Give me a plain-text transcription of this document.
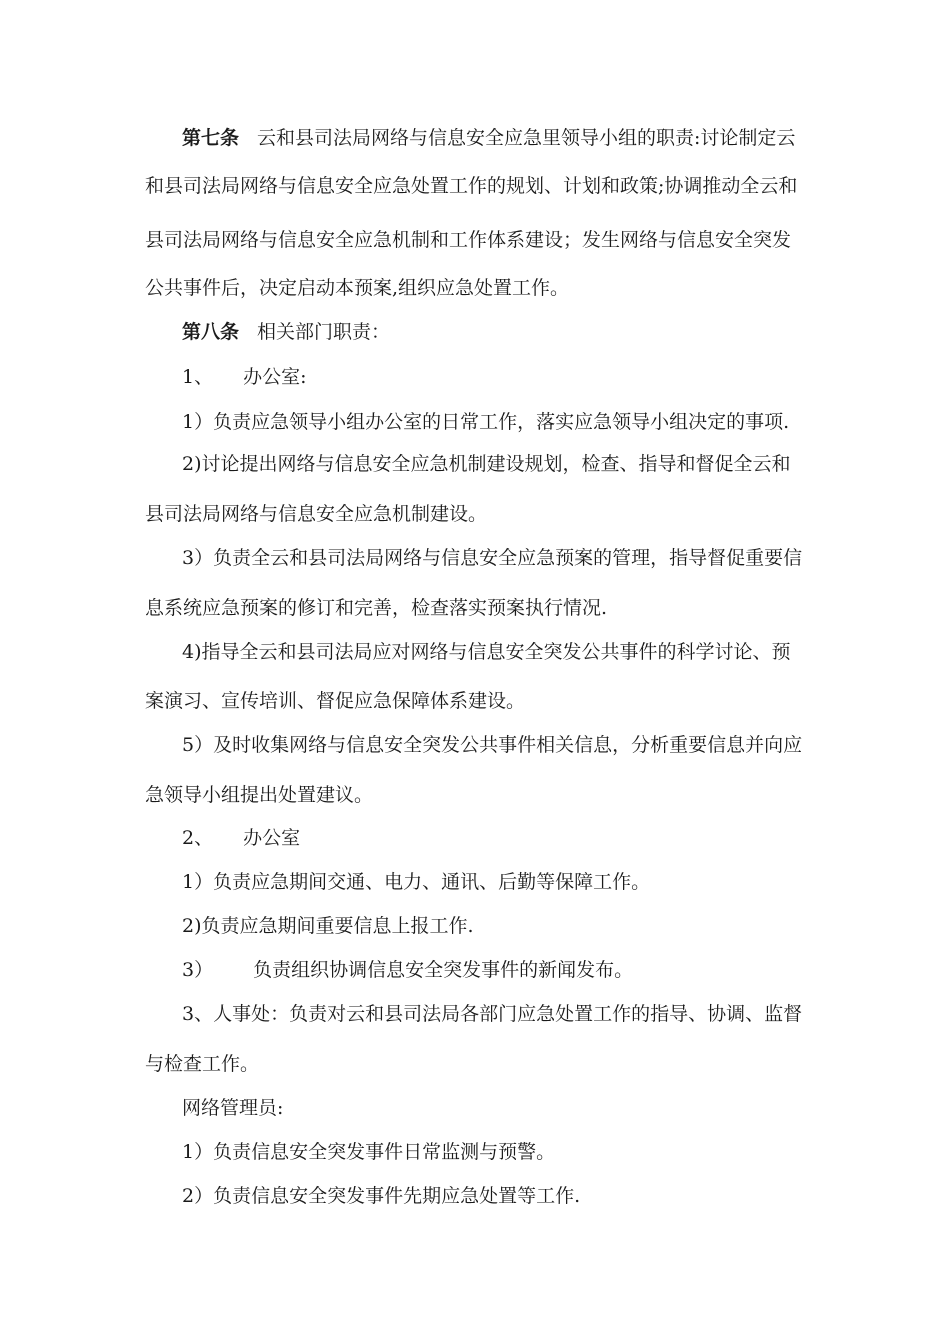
第七条 云和县司法局网络与信息安全应急里领导小组的职责:讨论制定云
和县司法局网络与信息安全应急处置工作的规划、计划和政策;协调推动全云和
县司法局网络与信息安全应急机制和工作体系建设；发生网络与信息安全突发
公共事件后，决定启动本预案,组织应急处置工作。
第八条 相关部门职责：
1、 办公室:
1）负责应急领导小组办公室的日常工作，落实应急领导小组决定的事项.
2)讨论提出网络与信息安全应急机制建设规划，检查、指导和督促全云和
县司法局网络与信息安全应急机制建设。
3）负责全云和县司法局网络与信息安全应急预案的管理，指导督促重要信
息系统应急预案的修订和完善，检查落实预案执行情况.
4)指导全云和县司法局应对网络与信息安全突发公共事件的科学讨论、预
案演习、宣传培训、督促应急保障体系建设。
5）及时收集网络与信息安全突发公共事件相关信息，分析重要信息并向应
急领导小组提出处置建议。
2、 办公室
1）负责应急期间交通、电力、通讯、后勤等保障工作。
2)负责应急期间重要信息上报工作.
3） 负责组织协调信息安全突发事件的新闻发布。
3、人事处：负责对云和县司法局各部门应急处置工作的指导、协调、监督
与检查工作。
网络管理员:
1）负责信息安全突发事件日常监测与预警。
2）负责信息安全突发事件先期应急处置等工作.
